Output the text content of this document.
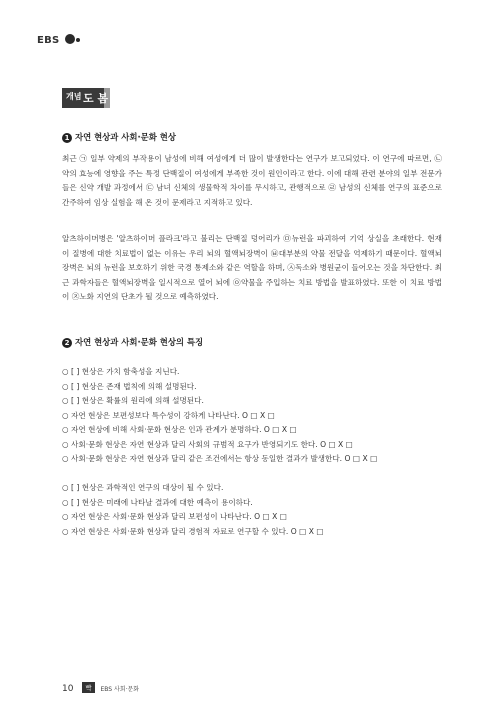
EBS
개념 도 봄
1 자연 현상과 사회·문화 현상

최근 ㉠ 일부 약제의 부작용이 남성에 비해 여성에게 더 많이 발생한다는 연구가 보고되었다. 이 연구에 따르면, ㉡ 약의 효능에 영향을 주는 특정 단백질이 여성에게 부족한 것이 원인이라고 한다. 이에 대해 관련 분야의 일부 전문가들은 신약 개발 과정에서 ㉢ 남녀 신체의 생물학적 차이를 무시하고, 관행적으로 ㉣ 남성의 신체를 연구의 표준으로 간주하여 임상 실험을 해 온 것이 문제라고 지적하고 있다.

알츠하이머병은 '알츠하이머 플라크'라고 불리는 단백질 덩어리가 ㉤뉴런을 파괴하여 기억 상실을 초래한다. 현재 이 질병에 대한 치료법이 없는 이유는 우리 뇌의 혈액뇌장벽이 ㉥대부분의 약물 전달을 억제하기 때문이다. 혈액뇌장벽은 뇌의 뉴런을 보호하기 위한 국경 통제소와 같은 역할을 하며, ㉦독소와 병원균이 들어오는 것을 차단한다. 최근 과학자들은 혈액뇌장벽을 일시적으로 열어 뇌에 ㉧약물을 주입하는 치료 방법을 발표하였다. 또한 이 치료 방법이 ㉨노화 지연의 단초가 될 것으로 예측하였다.

2 자연 현상과 사회·문화 현상의 특징
○ [ ] 현상은 가치 함축성을 지닌다.
○ [ ] 현상은 존재 법칙에 의해 설명된다.
○ [ ] 현상은 확률의 원리에 의해 설명된다.
○ 자연 현상은 보편성보다 특수성이 강하게 나타난다. O □ X □
○ 자연 현상에 비해 사회·문화 현상은 인과 관계가 분명하다. O □ X □
○ 사회·문화 현상은 자연 현상과 달리 사회의 규범적 요구가 반영되기도 한다. O □ X □
○ 사회·문화 현상은 자연 현상과 달리 같은 조건에서는 항상 동일한 결과가 발생한다. O □ X □
○ [ ] 현상은 과학적인 연구의 대상이 될 수 있다.
○ [ ] 현상은 미래에 나타날 결과에 대한 예측이 용이하다.
○ 자연 현상은 사회·문화 현상과 달리 보편성이 나타난다. O □ X □
○ 자연 현상은 사회·문화 현상과 달리 경험적 자료로 연구할 수 있다. O □ X □
10 빡 EBS 사회·문화
